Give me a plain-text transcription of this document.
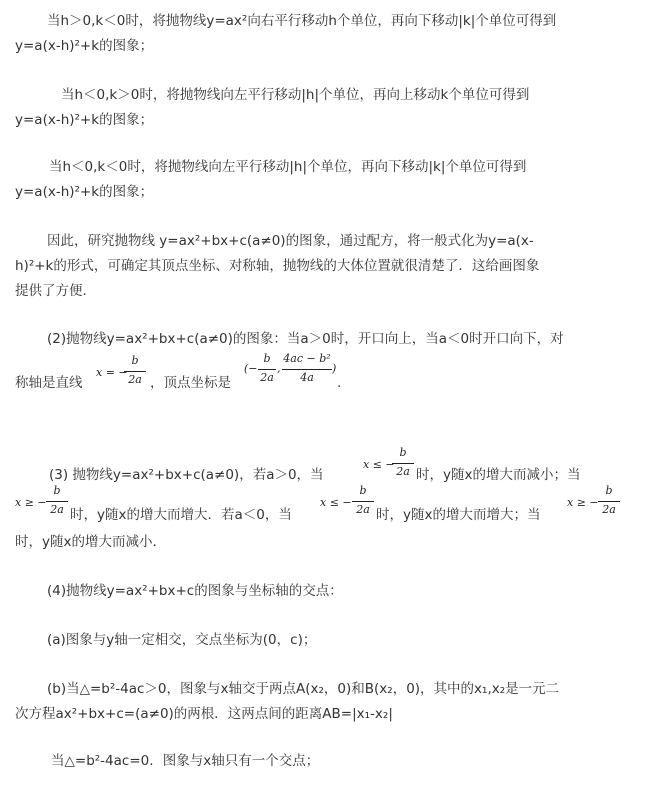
当h＞0,k＜0时，将抛物线y=ax²向右平行移动h个单位，再向下移动|k|个单位可得到
y=a(x-h)²+k的图象；
当h＜0,k＞0时，将抛物线向左平行移动|h|个单位，再向上移动k个单位可得到
y=a(x-h)²+k的图象；
当h＜0,k＜0时，将抛物线向左平行移动|h|个单位，再向下移动|k|个单位可得到
y=a(x-h)²+k的图象；
因此，研究抛物线 y=ax²+bx+c(a≠0)的图象，通过配方，将一般式化为y=a(x-
h)²+k的形式，可确定其顶点坐标、对称轴，抛物线的大体位置就很清楚了．这给画图象
提供了方便．
(2)抛物线y=ax²+bx+c(a≠0)的图象：当a＞0时，开口向上，当a＜0时开口向下，对
称轴是直线
x = −
b
2a ，顶点坐标是
(−
b
2a
,
4ac − b²
4a
)
.
(3) 抛物线y=ax²+bx+c(a≠0)，若a＞0，当
x ≤ −
b
2a 时，y随x的增大而减小；当
x ≥ −
b
2a 时，y随x的增大而增大．若a＜0，当
x ≤ −
b
2a 时，y随x的增大而增大；当
x ≥ −
b
2a
时，y随x的增大而减小．
(4)抛物线y=ax²+bx+c的图象与坐标轴的交点：
(a)图象与y轴一定相交，交点坐标为(0，c)；
(b)当△=b²-4ac＞0，图象与x轴交于两点A(x₂，0)和B(x₂，0)，其中的x₁,x₂是一元二
次方程ax²+bx+c=(a≠0)的两根．这两点间的距离AB=|x₁-x₂|
当△=b²-4ac=0．图象与x轴只有一个交点；
